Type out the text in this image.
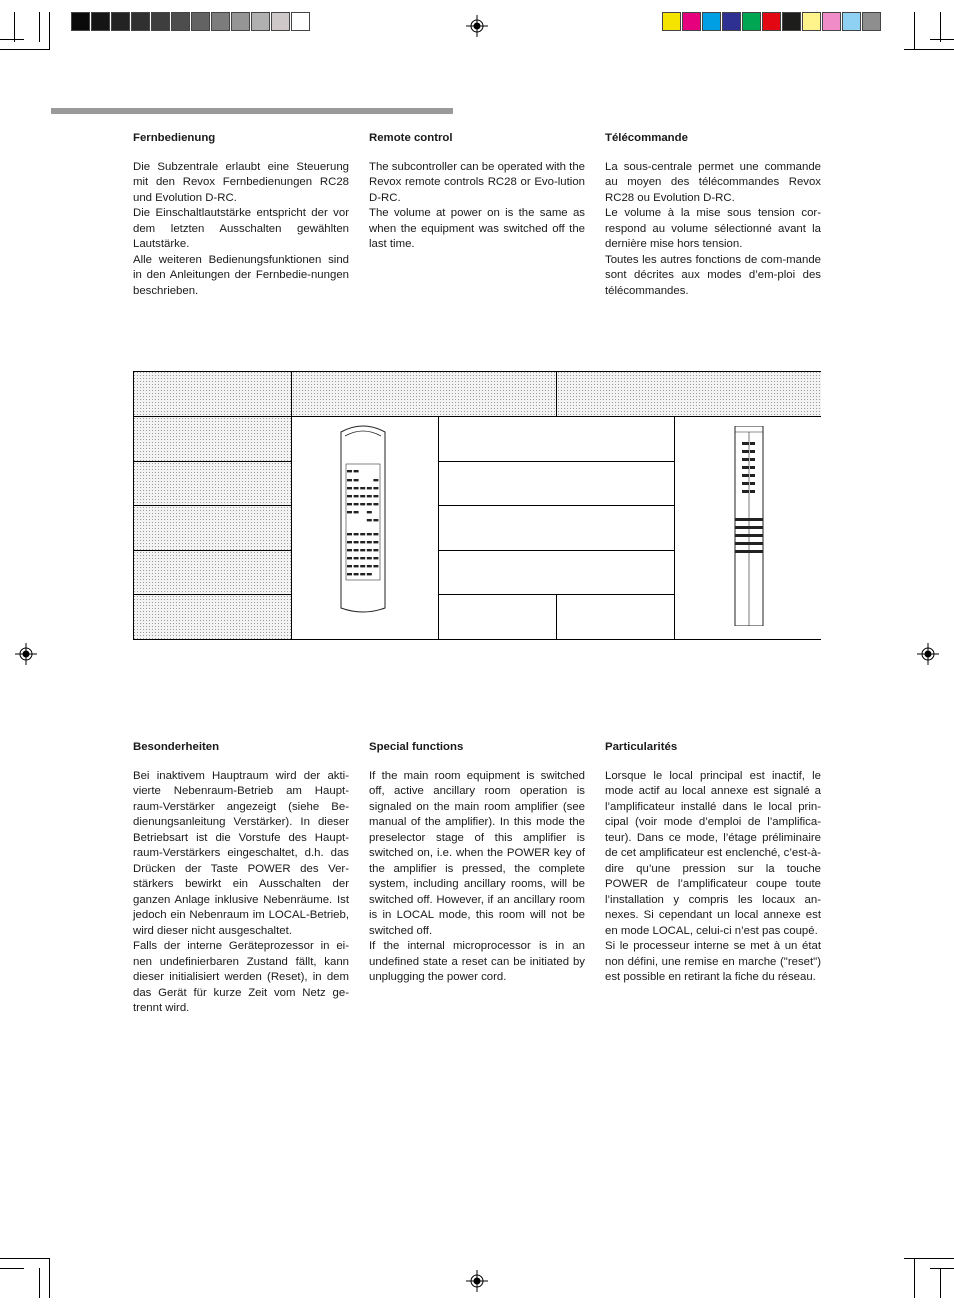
Fernbedienung

Die Subzentrale erlaubt eine Steuerung mit den Revox Fernbedienungen RC28 und Evolution D-RC.

Die Einschaltlautstärke entspricht der vor dem letzten Ausschalten gewählten Lautstärke.

Alle weiteren Bedienungsfunktionen sind in den Anleitungen der Fernbedie-nungen beschrieben.

Remote control

The subcontroller can be operated with the Revox remote controls RC28 or Evo-lution D-RC.

The volume at power on is the same as when the equipment was switched off the last time.

Télécommande

La sous-centrale permet une commande au moyen des télécommandes Revox RC28 ou Evolution D-RC.

Le volume à la mise sous tension cor-respond au volume sélectionné avant la dernière mise hors tension.

Toutes les autres fonctions de com-mande sont décrites aux modes d’em-ploi des télécommandes.

Besonderheiten

Bei inaktivem Hauptraum wird der akti-vierte Nebenraum-Betrieb am Haupt-raum-Verstärker angezeigt (siehe Be-dienungsanleitung Verstärker). In dieser Betriebsart ist die Vorstufe des Haupt-raum-Verstärkers eingeschaltet, d.h. das Drücken der Taste POWER des Ver-stärkers bewirkt ein Ausschalten der ganzen Anlage inklusive Nebenräume. Ist jedoch ein Nebenraum im LOCAL-Betrieb, wird dieser nicht ausgeschaltet.

Falls der interne Geräteprozessor in ei-nen undefinierbaren Zustand fällt, kann dieser initialisiert werden (Reset), in dem das Gerät für kurze Zeit vom Netz ge-trennt wird.

Special functions

If the main room equipment is switched off, active ancillary room operation is signaled on the main room amplifier (see manual of the amplifier). In this mode the preselector stage of this amplifier is switched on, i.e. when the POWER key of the amplifier is pressed, the complete system, including ancillary rooms, will be switched off. However, if an ancillary room is in LOCAL mode, this room will not be switched off.

If the internal microprocessor is in an undefined state a reset can be initiated by unplugging the power cord.

Particularités

Lorsque le local principal est inactif, le mode actif au local annexe est signalé a l’amplificateur installé dans le local prin-cipal (voir mode d’emploi de l’amplifica-teur). Dans ce mode, l’étage préliminaire de cet amplificateur est enclenché, c’est-à-dire qu’une pression sur la touche POWER de l’amplificateur coupe toute l’installation y compris les locaux an-nexes. Si cependant un local annexe est en mode LOCAL, celui-ci n’est pas coupé.

Si le processeur interne se met à un état non défini, une remise en marche ("reset") est possible en retirant la fiche du réseau.
